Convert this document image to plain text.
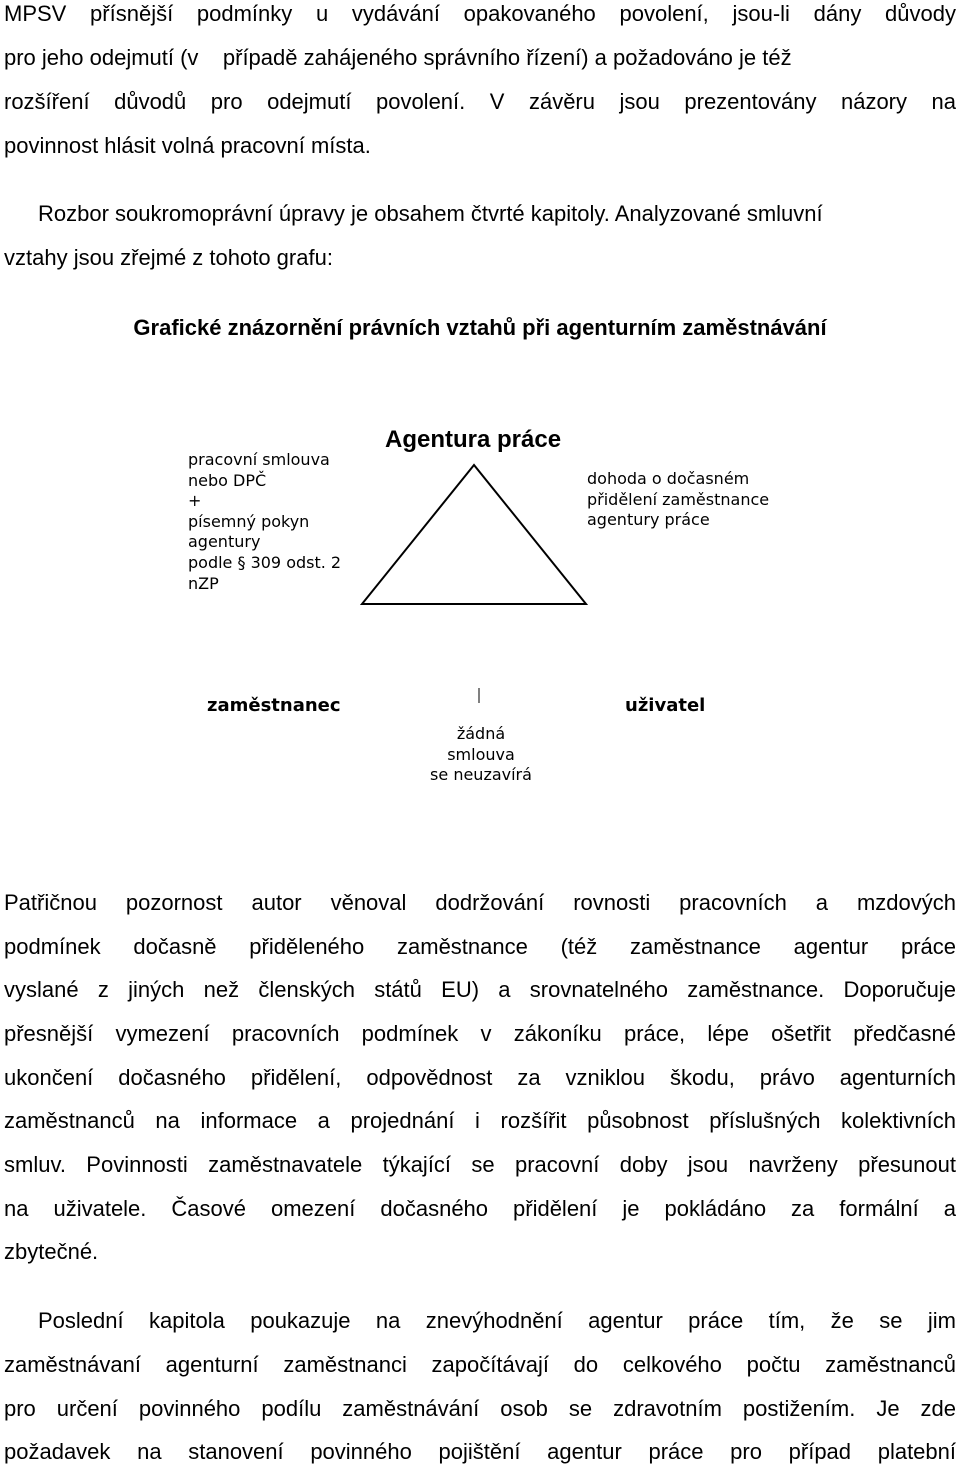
MPSV přísnější podmínky u vydávání opakovaného povolení, jsou-li dány důvody
pro jeho odejmutí (v    případě zahájeného správního řízení) a požadováno je též
rozšíření důvodů pro odejmutí povolení. V závěru jsou prezentovány názory na
povinnost hlásit volná pracovní místa.
Rozbor soukromoprávní úpravy je obsahem čtvrté kapitoly. Analyzované smluvní
vztahy jsou zřejmé z tohoto grafu:
Grafické znázornění právních vztahů při agenturním zaměstnávání
Agentura práce
pracovní smlouva
nebo DPČ
+
písemný pokyn
agentury
podle § 309 odst. 2
nZP
dohoda o dočasném
přidělení zaměstnance
agentury práce
zaměstnanec	uživatel
žádná
smlouva
se neuzavírá
Patřičnou pozornost autor věnoval dodržování rovnosti pracovních a mzdových
podmínek dočasně přiděleného zaměstnance (též zaměstnance agentur práce
vyslané z jiných než členských států EU) a srovnatelného zaměstnance. Doporučuje
přesnější vymezení pracovních podmínek v zákoníku práce, lépe ošetřit předčasné
ukončení dočasného přidělení, odpovědnost za vzniklou škodu, právo agenturních
zaměstnanců na informace a projednání i rozšířit působnost příslušných kolektivních
smluv. Povinnosti zaměstnavatele týkající se pracovní doby jsou navrženy přesunout
na uživatele. Časové omezení dočasného přidělení je pokládáno za formální a
zbytečné.
Poslední kapitola poukazuje na znevýhodnění agentur práce tím, že se jim
zaměstnávaní agenturní zaměstnanci započítávají do celkového počtu zaměstnanců
pro určení povinného podílu zaměstnávání osob se zdravotním postižením. Je zde
požadavek na stanovení povinného pojištění agentur práce pro případ platební
